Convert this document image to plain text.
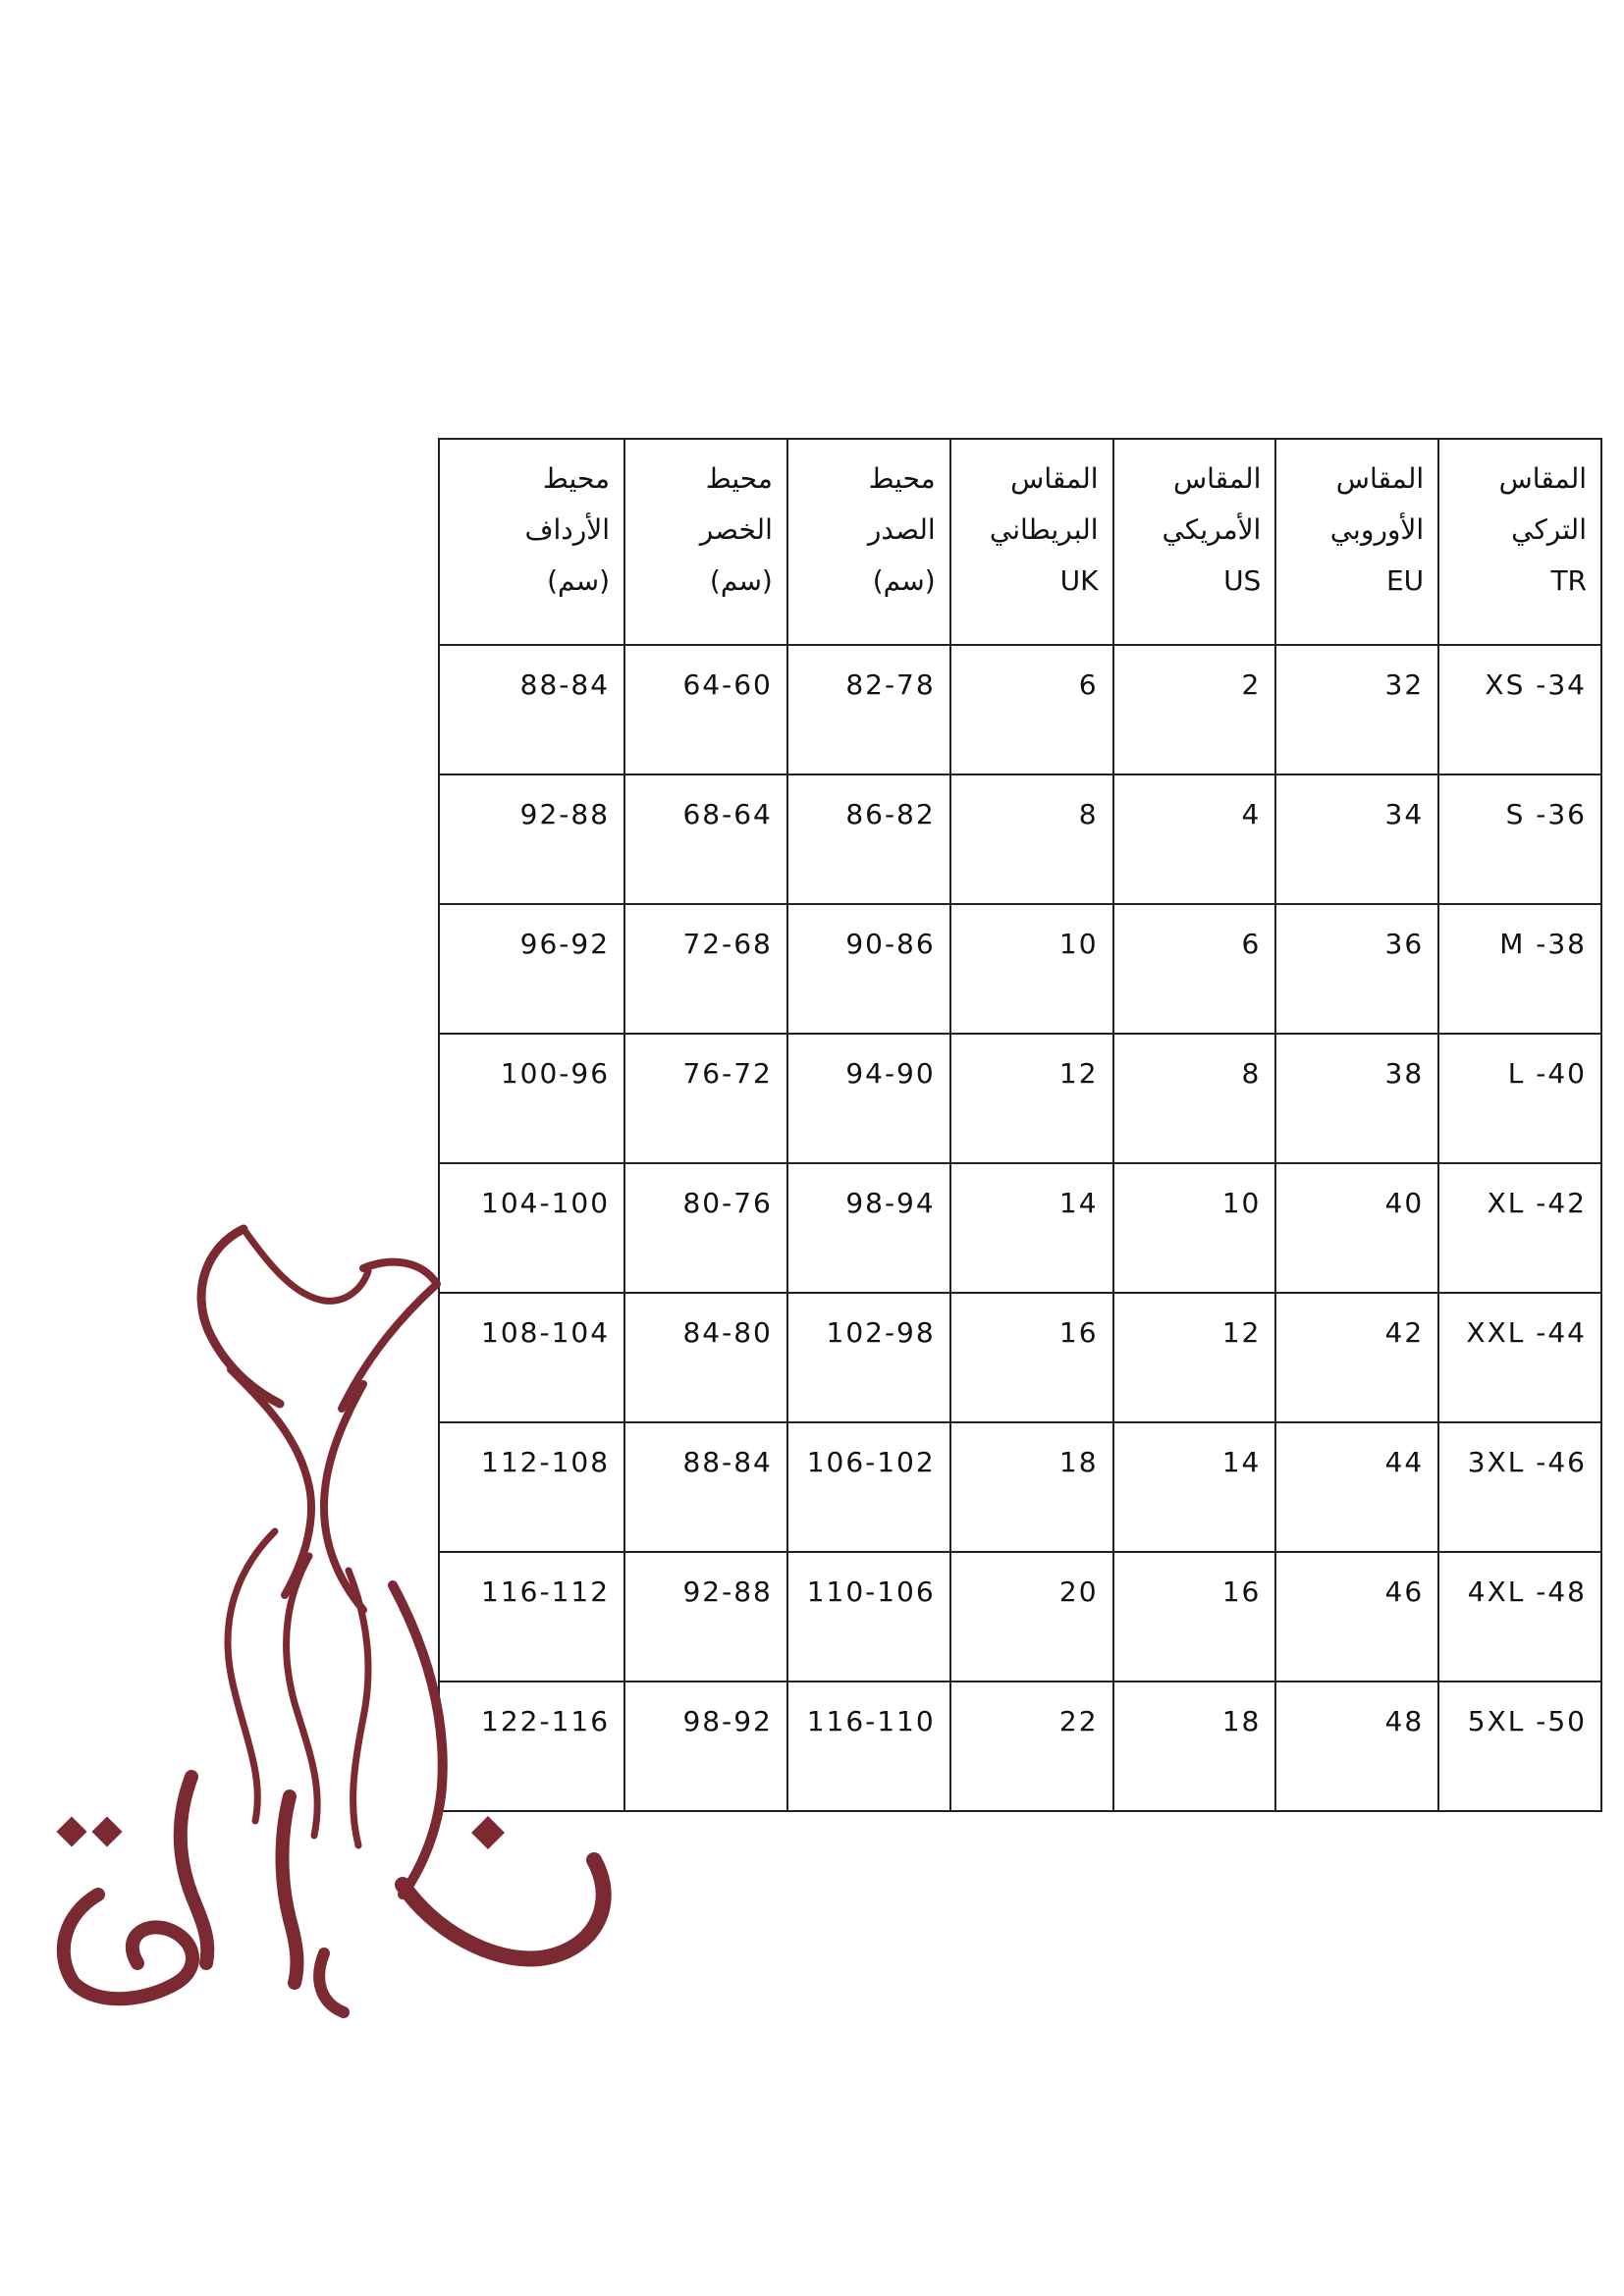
المقاس
التركي
TR	المقاس
الأوروبي
EU	المقاس
الأمريكي
US	المقاس
البريطاني
UK	محيط
الصدر
(سم)	محيط
الخصر
(سم)	محيط
الأرداف
(سم)

XS -34	32	2	6	82-78	64-60	88-84
S -36	34	4	8	86-82	68-64	92-88
M -38	36	6	10	90-86	72-68	96-92
L -40	38	8	12	94-90	76-72	100-96
XL -42	40	10	14	98-94	80-76	104-100
XXL -44	42	12	16	102-98	84-80	108-104
3XL -46	44	14	18	106-102	88-84	112-108
4XL -48	46	16	20	110-106	92-88	116-112
5XL -50	48	18	22	116-110	98-92	122-116
